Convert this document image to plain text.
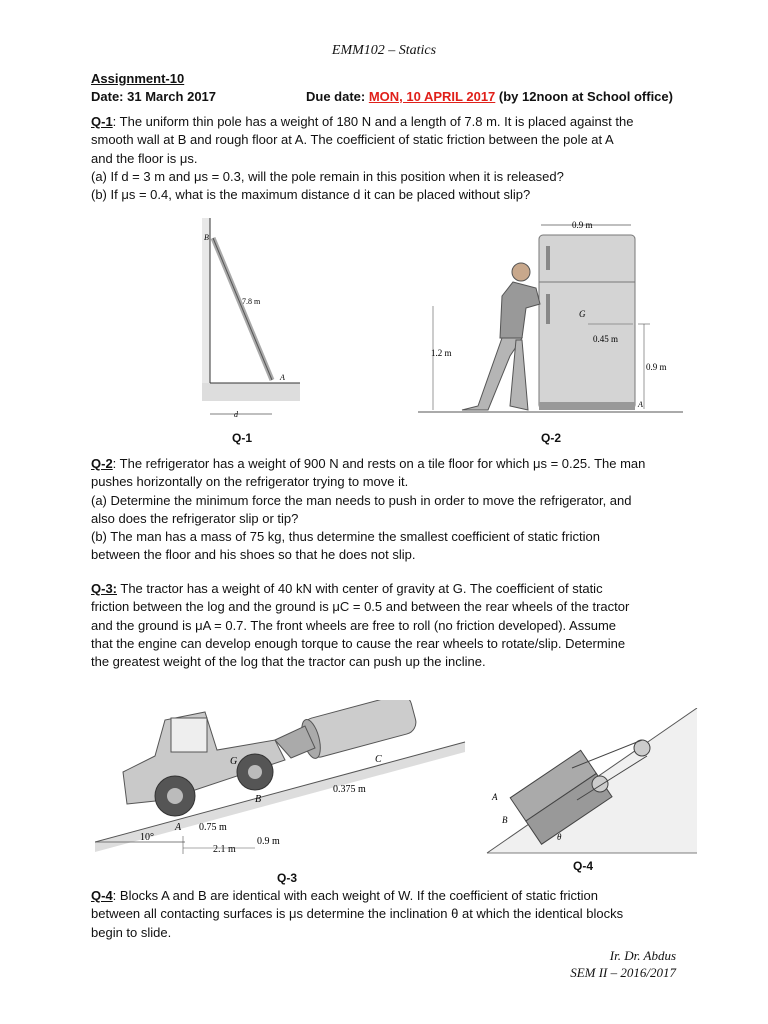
EMM102 – Statics
Assignment-10
Date: 31 March 2017	Due date: MON, 10 APRIL 2017 (by 12noon at School office)
Q-1: The uniform thin pole has a weight of 180 N and a length of 7.8 m. It is placed against the
smooth wall at B and rough floor at A. The coefficient of static friction between the pole at A
and the floor is μs.
(a) If d = 3 m and μs = 0.3, will the pole remain in this position when it is released?
(b) If μs = 0.4, what is the maximum distance d it can be placed without slip?
B
A
7.8 m
d
0.9 m
G
0.45 m
0.9 m
A
1.2 m
Q-1	Q-2
Q-2: The refrigerator has a weight of 900 N and rests on a tile floor for which μs = 0.25. The man
pushes horizontally on the refrigerator trying to move it.
(a) Determine the minimum force the man needs to push in order to move the refrigerator, and
also does the refrigerator slip or tip?
(b) The man has a mass of 75 kg, thus determine the smallest coefficient of static friction
between the floor and his shoes so that he does not slip.
Q-3: The tractor has a weight of 40 kN with center of gravity at G. The coefficient of static
friction between the log and the ground is μC = 0.5 and between the rear wheels of the tractor
and the ground is μA = 0.7. The front wheels are free to roll (no friction developed). Assume
that the engine can develop enough torque to cause the rear wheels to rotate/slip. Determine
the greatest weight of the log that the tractor can push up the incline.
10°
C
0.375 m
G
B
A 0.75 m
2.1 m
0.9 m
Q-3
A
B
θ
Q-4
Q-4: Blocks A and B are identical with each weight of W. If the coefficient of static friction
between all contacting surfaces is μs determine the inclination θ at which the identical blocks
begin to slide.
Ir. Dr. Abdus
SEM II – 2016/2017
